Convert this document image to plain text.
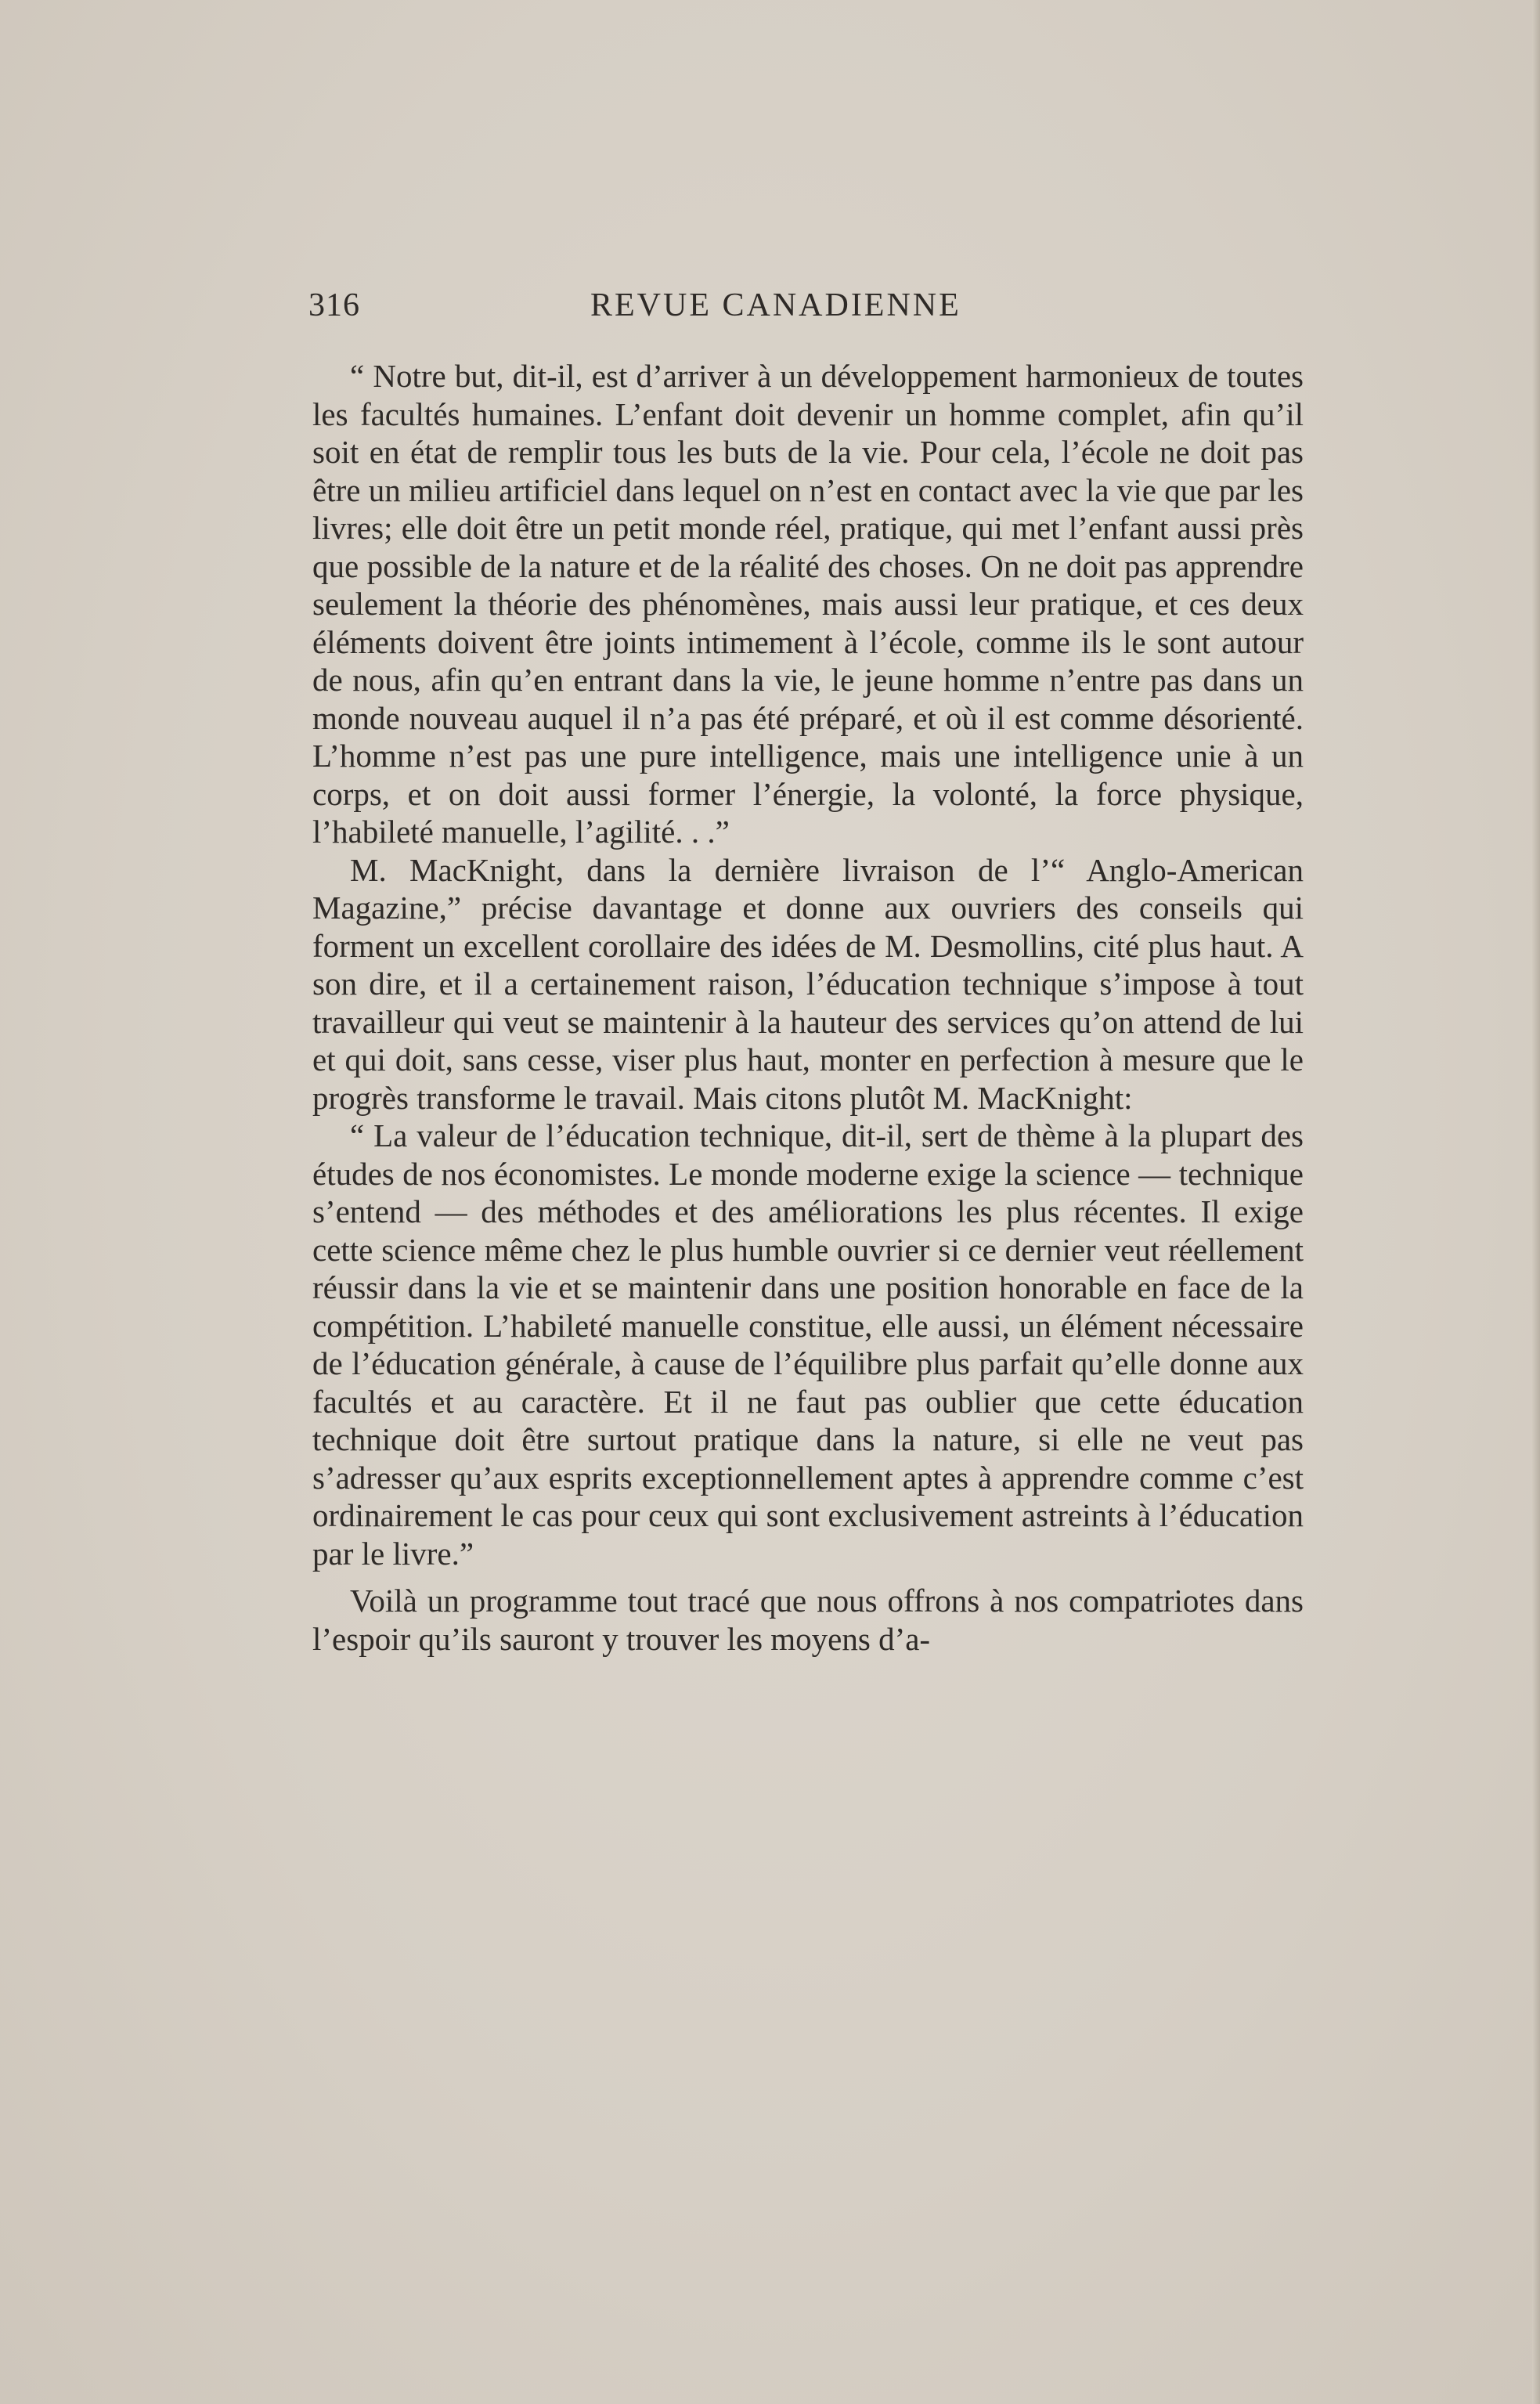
316	REVUE CANADIENNE

“ Notre but, dit-il, est d’arriver à un développement harmonieux de toutes les facultés humaines. L’enfant doit devenir un homme complet, afin qu’il soit en état de remplir tous les buts de la vie. Pour cela, l’école ne doit pas être un milieu artificiel dans lequel on n’est en contact avec la vie que par les livres; elle doit être un petit monde réel, pratique, qui met l’enfant aussi près que possible de la nature et de la réalité des choses. On ne doit pas apprendre seulement la théorie des phénomènes, mais aussi leur pratique, et ces deux éléments doivent être joints intimement à l’école, comme ils le sont autour de nous, afin qu’en entrant dans la vie, le jeune homme n’entre pas dans un monde nouveau auquel il n’a pas été préparé, et où il est comme désorienté. L’homme n’est pas une pure intelligence, mais une intelligence unie à un corps, et on doit aussi former l’énergie, la volonté, la force physique, l’habileté manuelle, l’agilité. . .”

M. MacKnight, dans la dernière livraison de l’“ Anglo-American Magazine,” précise davantage et donne aux ouvriers des conseils qui forment un excellent corollaire des idées de M. Desmollins, cité plus haut. A son dire, et il a certainement raison, l’éducation technique s’impose à tout travailleur qui veut se maintenir à la hauteur des services qu’on attend de lui et qui doit, sans cesse, viser plus haut, monter en perfection à mesure que le progrès transforme le travail. Mais citons plutôt M. MacKnight:

“ La valeur de l’éducation technique, dit-il, sert de thème à la plupart des études de nos économistes. Le monde moderne exige la science — technique s’entend — des méthodes et des améliorations les plus récentes. Il exige cette science même chez le plus humble ouvrier si ce dernier veut réellement réussir dans la vie et se maintenir dans une position honorable en face de la compétition. L’habileté manuelle constitue, elle aussi, un élément nécessaire de l’éducation générale, à cause de l’équilibre plus parfait qu’elle donne aux facultés et au caractère. Et il ne faut pas oublier que cette éducation technique doit être surtout pratique dans la nature, si elle ne veut pas s’adresser qu’aux esprits exceptionnellement aptes à apprendre comme c’est ordinairement le cas pour ceux qui sont exclusivement astreints à l’éducation par le livre.”

Voilà un programme tout tracé que nous offrons à nos compatriotes dans l’espoir qu’ils sauront y trouver les moyens d’a-
